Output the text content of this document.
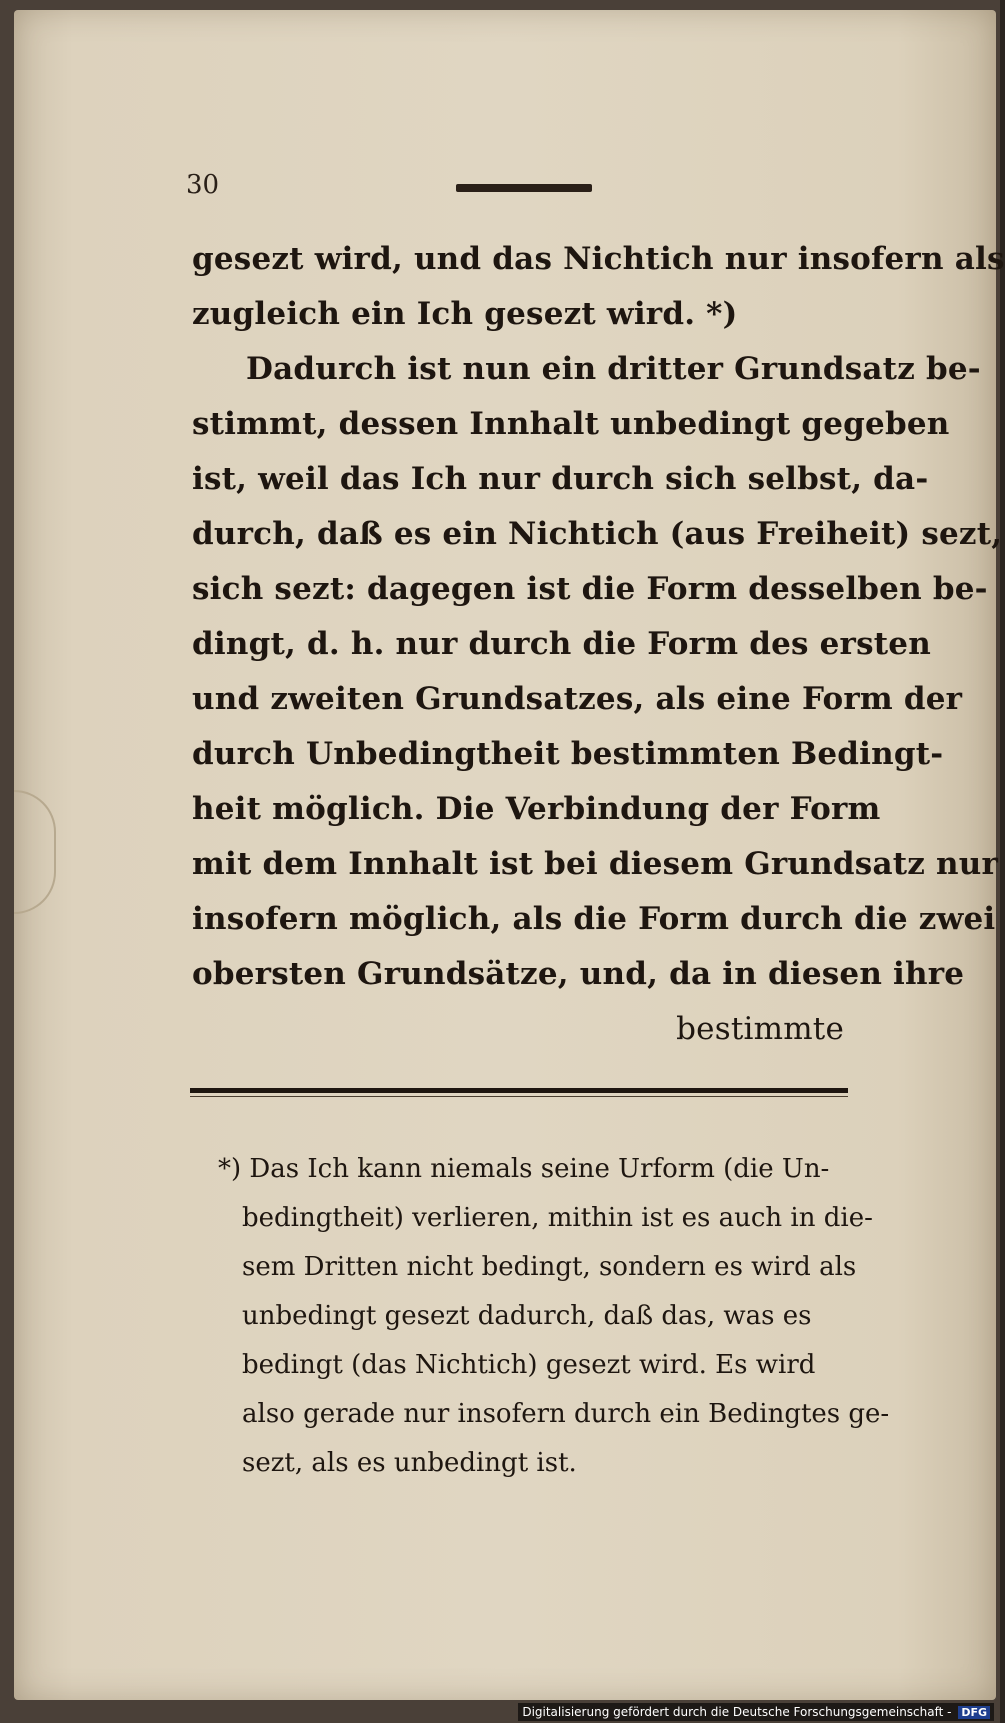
30
gesezt wird, und das Nichtich nur insofern als
zugleich ein Ich gesezt wird. *)
Dadurch ist nun ein dritter Grundsatz be-
stimmt, dessen Innhalt unbedingt gegeben
ist, weil das Ich nur durch sich selbst, da-
durch, daß es ein Nichtich (aus Freiheit) sezt,
sich sezt: dagegen ist die Form desselben be-
dingt, d. h. nur durch die Form des ersten
und zweiten Grundsatzes, als eine Form der
durch Unbedingtheit bestimmten Bedingt-
heit möglich. Die Verbindung der Form
mit dem Innhalt ist bei diesem Grundsatz nur
insofern möglich, als die Form durch die zwei
obersten Grundsätze, und, da in diesen ihre
bestimmte
*) Das Ich kann niemals seine Urform (die Un-
bedingtheit) verlieren, mithin ist es auch in die-
sem Dritten nicht bedingt, sondern es wird als
unbedingt gesezt dadurch, daß das, was es
bedingt (das Nichtich) gesezt wird. Es wird
also gerade nur insofern durch ein Bedingtes ge-
sezt, als es unbedingt ist.
Digitalisierung gefördert durch die Deutsche Forschungsgemeinschaft - DFG
